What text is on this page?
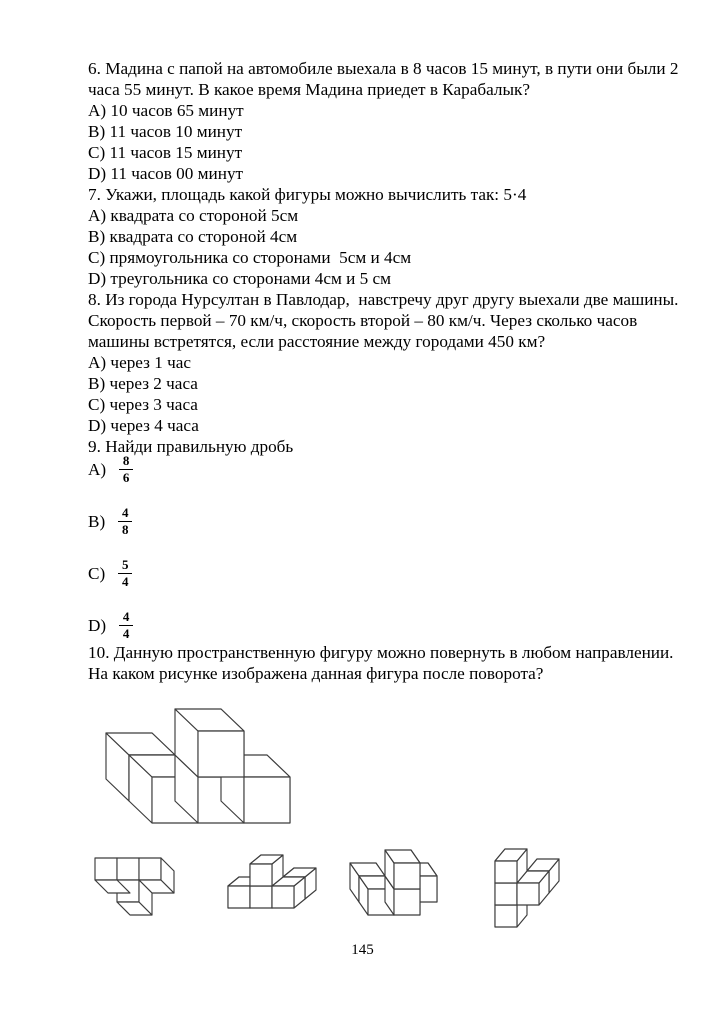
6. Мадина с папой на автомобиле выехала в 8 часов 15 минут, в пути они были 2 часа 55 минут. В какое время Мадина приедет в Карабалык?

A) 10 часов 65 минут

B) 11 часов 10 минут

C) 11 часов 15 минут

D) 11 часов 00 минут

7. Укажи, площадь какой фигуры можно вычислить так: 5·4

A) квадрата со стороной 5см

B) квадрата со стороной 4см

C) прямоугольника со сторонами  5см и 4см

D) треугольника со сторонами 4см и 5 см

8. Из города Нурсултан в Павлодар,  навстречу друг другу выехали две машины. Скорость первой – 70 км/ч, скорость второй – 80 км/ч. Через сколько часов машины встретятся, если расстояние между городами 450 км?

A) через 1 час

B) через 2 часа

C) через 3 часа

D) через 4 часа

9. Найди правильную дробь

$A) \frac{8}{6}$
$B) \frac{4}{8}$
$C) \frac{5}{4}$
$D) \frac{4}{4}$

10. Данную пространственную фигуру можно повернуть в любом направлении. На каком рисунке изображена данная фигура после поворота?

145
